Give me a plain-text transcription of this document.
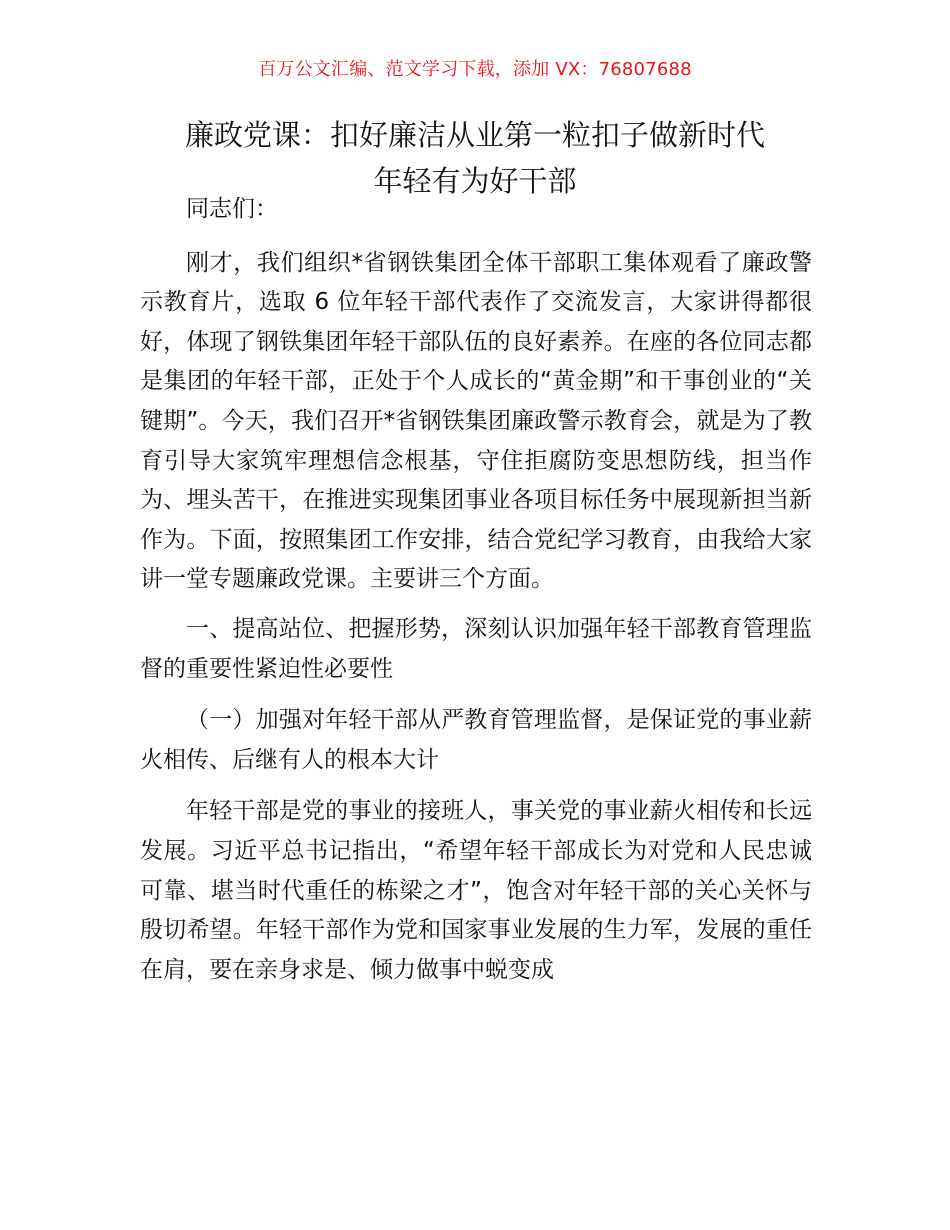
百万公文汇编、范文学习下载，添加 VX：76807688
廉政党课：扣好廉洁从业第一粒扣子做新时代
年轻有为好干部

同志们：

刚才，我们组织*省钢铁集团全体干部职工集体观看了廉政警示教育片，选取 6 位年轻干部代表作了交流发言，大家讲得都很好，体现了钢铁集团年轻干部队伍的良好素养。在座的各位同志都是集团的年轻干部，正处于个人成长的“黄金期”和干事创业的“关键期”。今天，我们召开*省钢铁集团廉政警示教育会，就是为了教育引导大家筑牢理想信念根基，守住拒腐防变思想防线，担当作为、埋头苦干，在推进实现集团事业各项目标任务中展现新担当新作为。下面，按照集团工作安排，结合党纪学习教育，由我给大家讲一堂专题廉政党课。主要讲三个方面。

一、提高站位、把握形势，深刻认识加强年轻干部教育管理监督的重要性紧迫性必要性

（一）加强对年轻干部从严教育管理监督，是保证党的事业薪火相传、后继有人的根本大计

年轻干部是党的事业的接班人，事关党的事业薪火相传和长远发展。习近平总书记指出，“希望年轻干部成长为对党和人民忠诚可靠、堪当时代重任的栋梁之才”，饱含对年轻干部的关心关怀与殷切希望。年轻干部作为党和国家事业发展的生力军，发展的重任在肩，要在亲身求是、倾力做事中蜕变成
